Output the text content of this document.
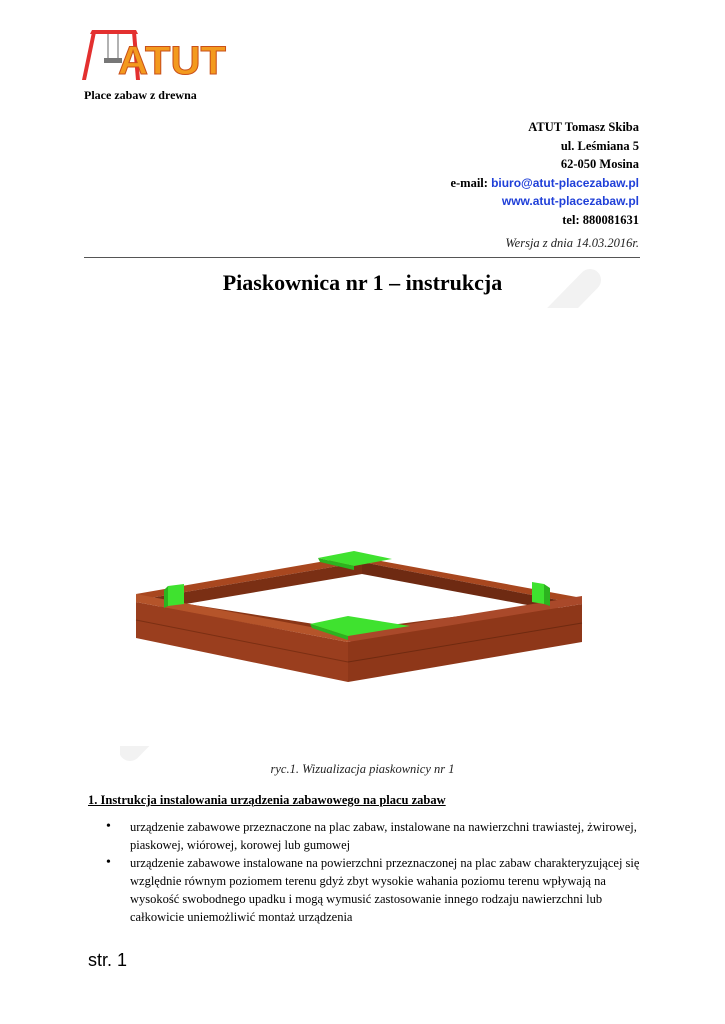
ATUT
Place zabaw z drewna
ATUT Tomasz Skiba
ul. Leśmiana 5
62-050 Mosina
e-mail: biuro@atut-placezabaw.pl
www.atut-placezabaw.pl
tel: 880081631
Wersja z dnia 14.03.2016r.
Piaskownica nr 1 – instrukcja
ryc.1. Wizualizacja piaskownicy nr 1
1. Instrukcja instalowania urządzenia zabawowego na placu zabaw
• urządzenie zabawowe przeznaczone na plac zabaw, instalowane na nawierzchni trawiastej, żwirowej, piaskowej, wiórowej, korowej lub gumowej
• urządzenie zabawowe instalowane na powierzchni przeznaczonej na plac zabaw charakteryzującej się względnie równym poziomem terenu gdyż zbyt wysokie wahania poziomu terenu wpływają na wysokość swobodnego upadku i mogą wymusić zastosowanie innego rodzaju nawierzchni lub całkowicie uniemożliwić montaż urządzenia
str. 1
